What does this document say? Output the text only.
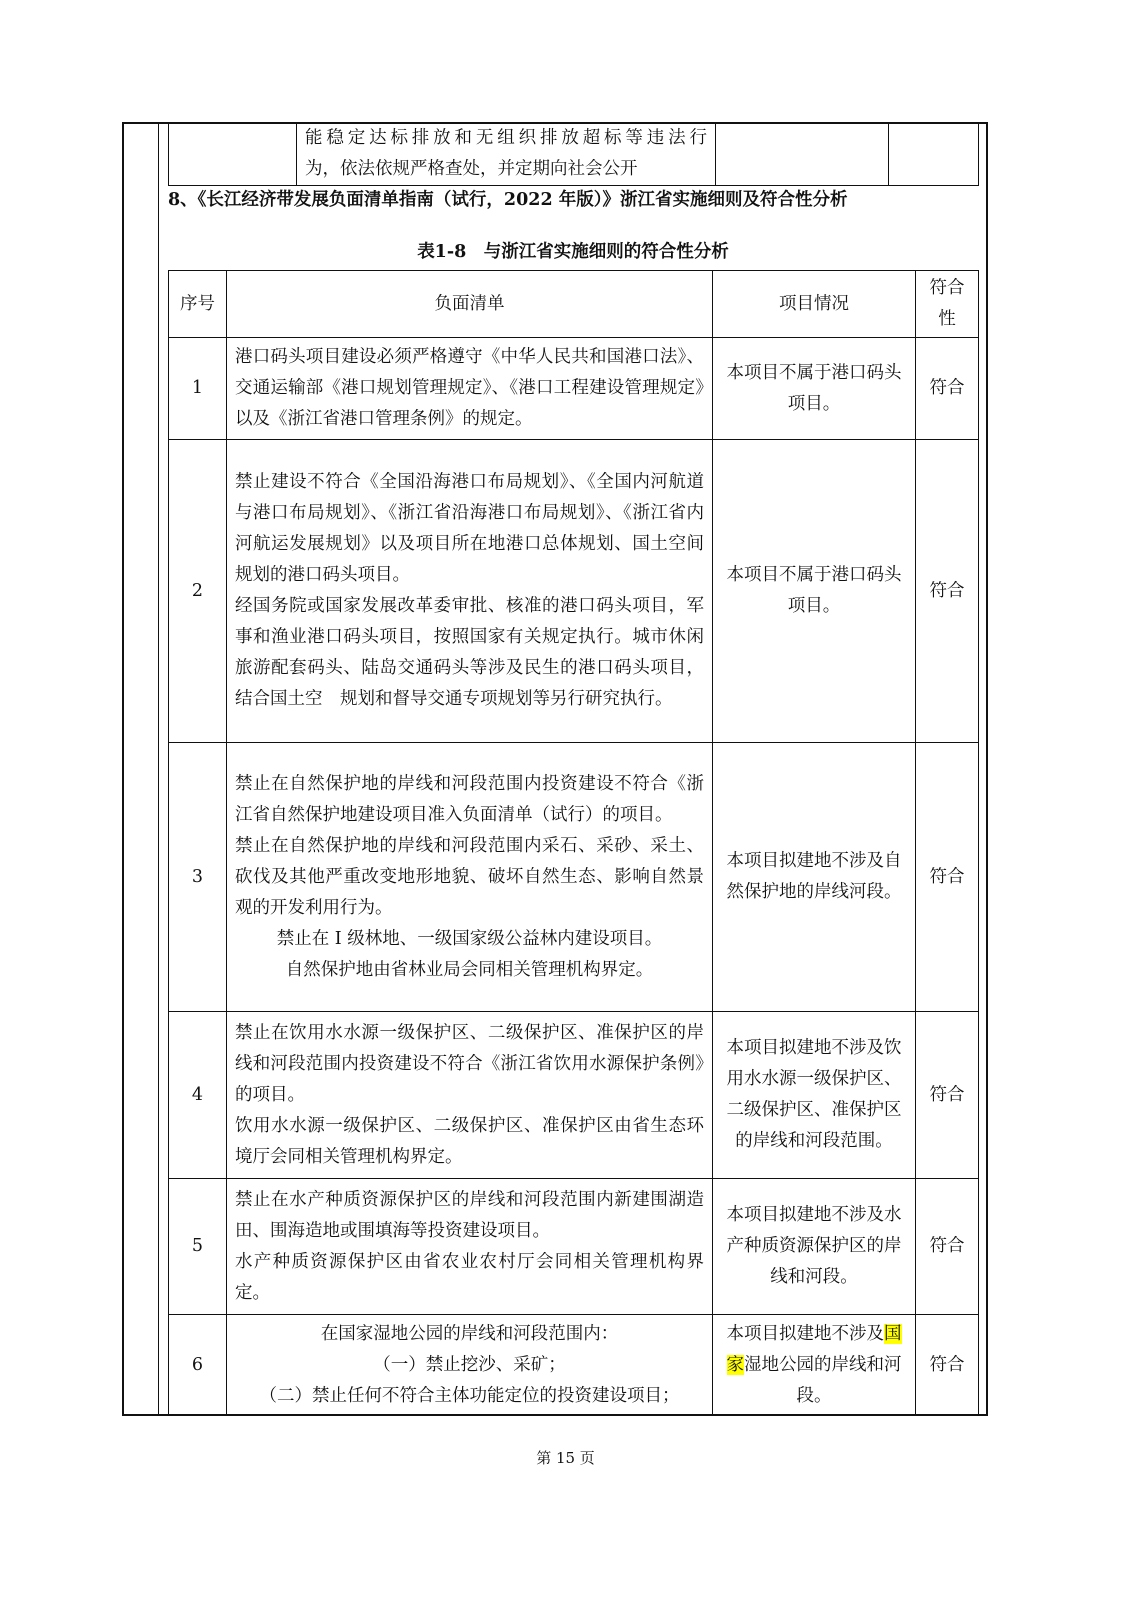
能稳定达标排放和无组织排放超标等违法行

为，依法依规严格查处，并定期向社会公开

8、《长江经济带发展负面清单指南（试行，2022 年版）》浙江省实施细则及符合性分析
表1-8　与浙江省实施细则的符合性分析
序号	负面清单	项目情况	符合性
1	港口码头项目建设必须严格遵守《中华人民共和国港口法》、交通运输部《港口规划管理规定》、《港口工程建设管理规定》以及《浙江省港口管理条例》的规定。	本项目不属于港口码头项目。	符合
2	禁止建设不符合《全国沿海港口布局规划》、《全国内河航道与港口布局规划》、《浙江省沿海港口布局规划》、《浙江省内河航运发展规划》以及项目所在地港口总体规划、国土空间规划的港口码头项目。

经国务院或国家发展改革委审批、核准的港口码头项目，军事和渔业港口码头项目，按照国家有关规定执行。城市休闲旅游配套码头、陆岛交通码头等涉及民生的港口码头项目，结合国土空　规划和督导交通专项规划等另行研究执行。	本项目不属于港口码头项目。	符合
3	禁止在自然保护地的岸线和河段范围内投资建设不符合《浙江省自然保护地建设项目准入负面清单（试行）的项目。

禁止在自然保护地的岸线和河段范围内采石、采砂、采土、砍伐及其他严重改变地形地貌、破坏自然生态、影响自然景观的开发利用行为。

禁止在 Ⅰ 级林地、一级国家级公益林内建设项目。

自然保护地由省林业局会同相关管理机构界定。	本项目拟建地不涉及自然保护地的岸线河段。	符合
4	禁止在饮用水水源一级保护区、二级保护区、准保护区的岸线和河段范围内投资建设不符合《浙江省饮用水源保护条例》的项目。

饮用水水源一级保护区、二级保护区、准保护区由省生态环境厅会同相关管理机构界定。	本项目拟建地不涉及饮用水水源一级保护区、二级保护区、准保护区的岸线和河段范围。	符合
5	禁止在水产种质资源保护区的岸线和河段范围内新建围湖造田、围海造地或围填海等投资建设项目。

水产种质资源保护区由省农业农村厅会同相关管理机构界定。	本项目拟建地不涉及水产种质资源保护区的岸线和河段。	符合
6	在国家湿地公园的岸线和河段范围内：

（一）禁止挖沙、采矿；

（二）禁止任何不符合主体功能定位的投资建设项目；	本项目拟建地不涉及国家湿地公园的岸线和河段。	符合
第 15 页
